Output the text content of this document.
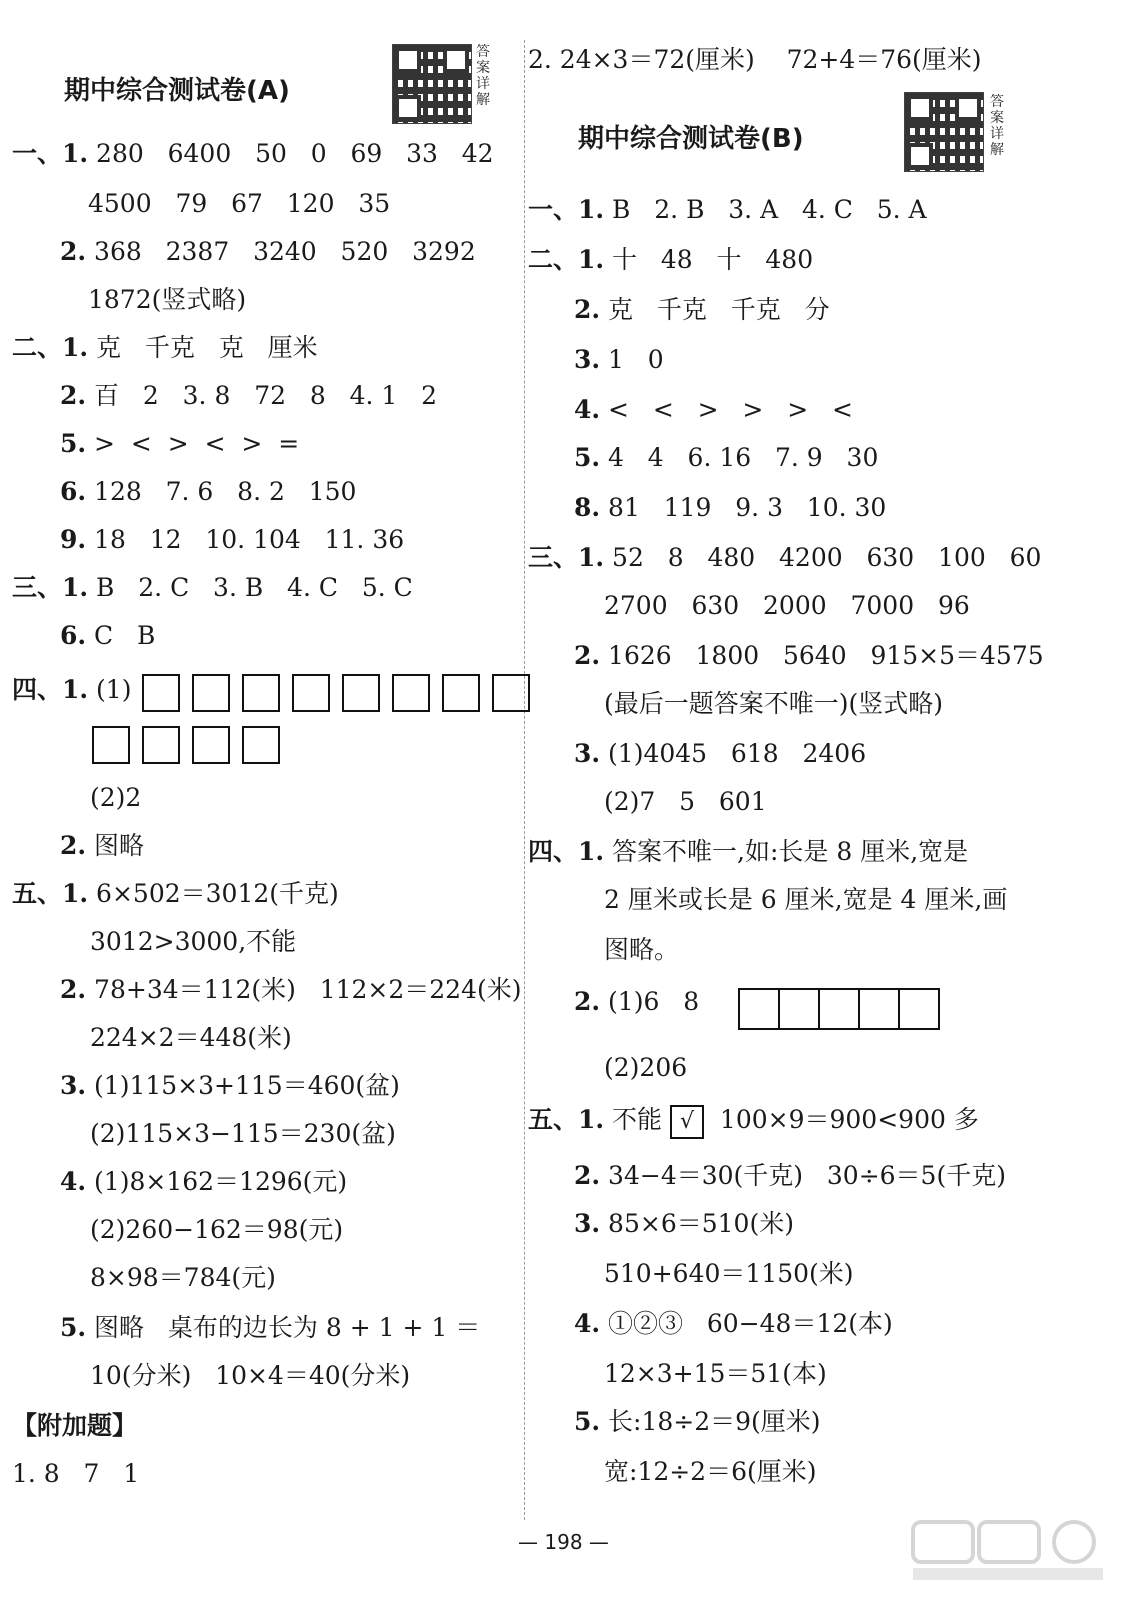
期中综合测试卷(A)
答案详解
一、1. 280   6400   50   0   69   33   42
4500   79   67   120   35
2. 368   2387   3240   520   3292
1872(竖式略)
二、1. 克   千克   克   厘米
2. 百   2   3. 8   72   8   4. 1   2
5. >  <  >  <  >  =
6. 128   7. 6   8. 2   150
9. 18   12   10. 104   11. 36
三、1. B   2. C   3. B   4. C   5. C
6. C   B
四、1. (1)
(2)2
2. 图略
五、1. 6×502＝3012(千克)
3012>3000,不能
2. 78+34＝112(米)   112×2＝224(米)
224×2＝448(米)
3. (1)115×3+115＝460(盆)
(2)115×3−115＝230(盆)
4. (1)8×162＝1296(元)
(2)260−162＝98(元)
8×98＝784(元)
5. 图略   桌布的边长为 8 + 1 + 1 ＝
10(分米)   10×4＝40(分米)
【附加题】
1. 8   7   1
2. 24×3＝72(厘米)    72+4＝76(厘米)
期中综合测试卷(B)
答案详解
一、1. B   2. B   3. A   4. C   5. A
二、1. 十   48   十   480
2. 克   千克   千克   分
3. 1   0
4. <   <   >   >   >   <
5. 4   4   6. 16   7. 9   30
8. 81   119   9. 3   10. 30
三、1. 52   8   480   4200   630   100   60
2700   630   2000   7000   96
2. 1626   1800   5640   915×5＝4575
(最后一题答案不唯一)(竖式略)
3. (1)4045   618   2406
(2)7   5   601
四、1. 答案不唯一,如:长是 8 厘米,宽是
2 厘米或长是 6 厘米,宽是 4 厘米,画
图略。
2. (1)6   8
(2)206
五、1. 不能 √ 100×9＝900<900 多
2. 34−4＝30(千克)   30÷6＝5(千克)
3. 85×6＝510(米)
510+640＝1150(米)
4. ①②③   60−48＝12(本)
12×3+15＝51(本)
5. 长:18÷2＝9(厘米)
宽:12÷2＝6(厘米)
— 198 —
